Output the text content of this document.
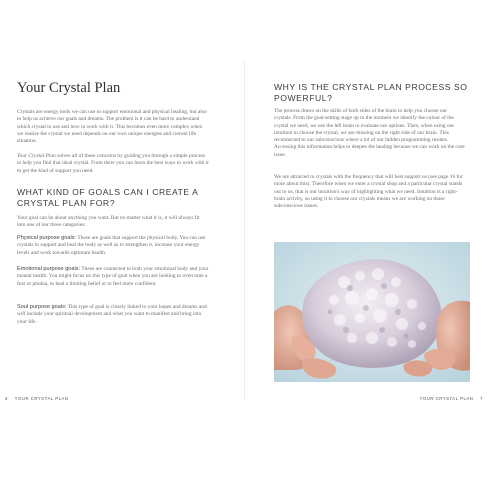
Your Crystal Plan

Crystals are energy tools we can use to support emotional and physical healing, but also to help us achieve our goals and dreams. The problem is it can be hard to understand which crystal to use and how to work with it. This becomes even more complex when we realize the crystal we need depends on our own unique energies and current life situation.

Your Crystal Plan solves all of these concerns by guiding you through a simple process to help you find that ideal crystal. From there you can learn the best ways to work with it to get the kind of support you need.

WHAT KIND OF GOALS CAN I CREATE A CRYSTAL PLAN FOR?

Your goal can be about anything you want. But no matter what it is, it will always fit into one of our three categories:

Physical purpose goals: These are goals that support the physical body. You can use crystals to support and heal the body as well as to strengthen it, increase your energy levels and work towards optimum health.

Emotional purpose goals: These are connected to both your emotional body and your mental health. You might focus on this type of goal when you are looking to overcome a fear or phobia, to heal a limiting belief or to feel more confident.

Soul purpose goals: This type of goal is closely linked to your hopes and dreams and will include your spiritual development and what you want to manifest and bring into your life.

6 YOUR CRYSTAL PLAN
WHY IS THE CRYSTAL PLAN PROCESS SO POWERFUL?

The process draws on the skills of both sides of the brain to help you choose our crystals. From the goal-setting stage up to the moment we identify the colour of the crystal we need, we use the left brain to evaluate our options. Then, when using our intuition to choose the crystal, we are drawing on the right side of our brain. This reconnected to our subconscious where a lot of our hidden programming resides. Accessing this information helps to deepen the healing because we can work on the core issue.

We are attracted to crystals with the frequency that will best support us (see page 16 for more about this). Therefore when we enter a crystal shop and a particular crystal stands out to us, that is our intuition's way of highlighting what we need. Intuition is a right-brain activity, so using it to choose our crystals means we are working on those subconscious issues.

YOUR CRYSTAL PLAN 7
